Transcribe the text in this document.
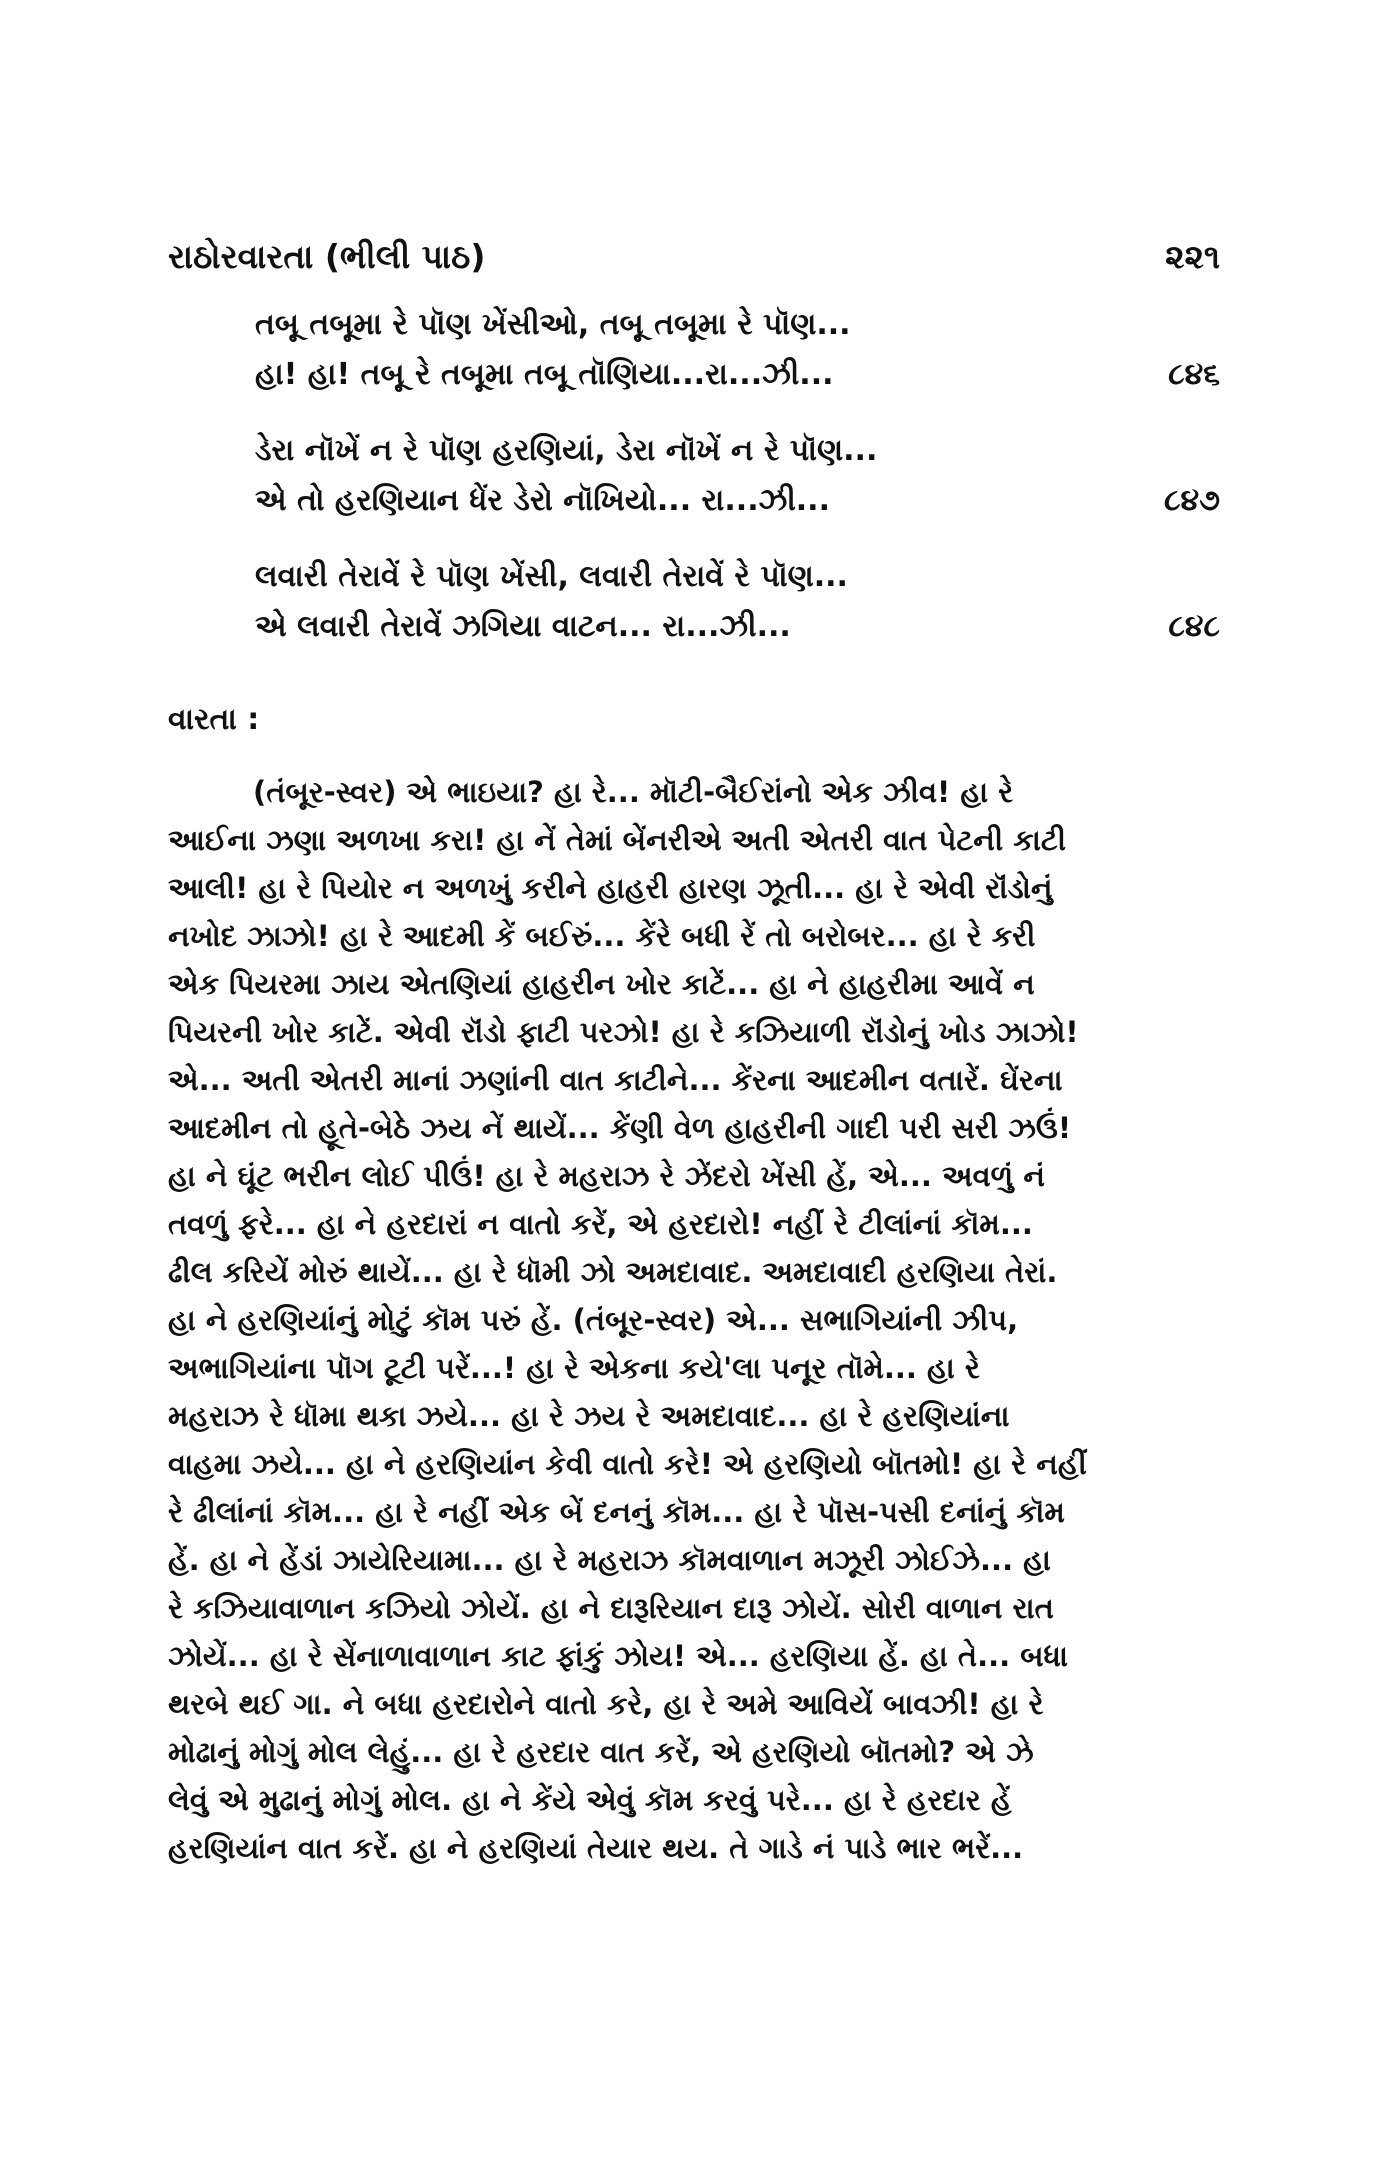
રાઠોરવારતા (ભીલી પાઠ)	૨૨૧
તબૂ તબૂમા રે પૉણ ખેંસીઓ, તબૂ તબૂમા રે પૉણ...
હા! હા! તબૂ રે તબૂમા તબૂ તૉણિયા...રા...ઝી...	૮૪૬
ડેરા નૉખેં ન રે પૉણ હરણિયાં, ડેરા નૉખેં ન રે પૉણ...
એ તો હરણિયાન ધેંર ડેરો નૉખિયો... રા...ઝી...	૮૪૭
લવારી તેરાવેં રે પૉણ ખેંસી, લવારી તેરાવેં રે પૉણ...
એ લવારી તેરાવેં ઝગિયા વાટન... રા...ઝી...	૮૪૮
વારતા :
(તંબૂર-સ્વર) એ ભાઇયા? હા રે... મૉટી-બૈઈરાંનો એક ઝીવ! હા રે
આઈના ઝણા અળખા કરા! હા નેં તેમાં બેંનરીએ અતી એતરી વાત પેટની કાટી
આલી! હા રે પિયોર ન અળખું કરીને હાહરી હારણ ઝૂતી... હા રે એવી રૉંડોનું
નખોદ ઝાઝો! હા રે આદમી કેં બઈરું... કેંરે બધી રેં તો બરોબર... હા રે કરી
એક પિયરમા ઝાય એતણિયાં હાહરીન ખોર કાટેં... હા ને હાહરીમા આવેં ન
પિયરની ખોર કાટેં. એવી રૉંડો ફાટી પરઝો! હા રે કઝિયાળી રૉંડોનું ખોડ ઝાઝો!
એ... અતી એતરી માનાં ઝણાંની વાત કાટીને... કેંરના આદમીન વતારેં. ઘેંરના
આદમીન તો હૂતે-બેઠે ઝય નેં થાયેં... કેંણી વેળ હાહરીની ગાદી પરી સરી ઝઉં!
હા ને ઘૂંટ ભરીન લોઈ પીઉં! હા રે મહરાઝ રે ઝેંદરો ખેંસી હેં, એ... અવળું નં
તવળું ફરે... હા ને હરદારાં ન વાતો કરેં, એ હરદારો! નહીં રે ટીલાંનાં કૉમ...
ઢીલ કરિયેં મોરું થાયેં... હા રે ધૉમી ઝો અમદાવાદ. અમદાવાદી હરણિયા તેરાં.
હા ને હરણિયાંનું મોટું કૉમ પરું હેં. (તંબૂર-સ્વર) એ... સભાગિયાંની ઝીપ,
અભાગિયાંના પૉગ ટૂટી પરેં...! હા રે એકના કયે'લા પનૂર તૉમે... હા રે
મહરાઝ રે ધૉમા થકા ઝયે... હા રે ઝય રે અમદાવાદ... હા રે હરણિયાંના
વાહમા ઝયે... હા ને હરણિયાંન કેવી વાતો કરે! એ હરણિયો બૉતમો! હા રે નહીં
રે ઢીલાંનાં કૉમ... હા રે નહીં એક બેં દનનું કૉમ... હા રે પૉસ-પસી દનાંનું કૉમ
હેં. હા ને હેંડાં ઝાયેરિયામા... હા રે મહરાઝ કૉમવાળાન મઝૂરી ઝોઈઝે... હા
રે કઝિયાવાળાન કઝિયો ઝોયેં. હા ને દારૂરિયાન દારૂ ઝોયેં. સોરી વાળાન રાત
ઝોયેં... હા રે સેંનાળાવાળાન કાટ ફાંકું ઝોય! એ... હરણિયા હેં. હા તે... બધા
થરબે થઈ ગા. ને બધા હરદારોને વાતો કરે, હા રે અમે આવિયેં બાવઝી! હા રે
મોઢાનું મોગું મોલ લેહું... હા રે હરદાર વાત કરેં, એ હરણિયો બૉતમો? એ ઝે
લેવું એ મુઢાનું મોગું મોલ. હા ને કેંયે એવું કૉમ કરવું પરે... હા રે હરદાર હેં
હરણિયાંન વાત કરેં. હા ને હરણિયાં તેયાર થય. તે ગાડે નં પાડે ભાર ભરેં...
